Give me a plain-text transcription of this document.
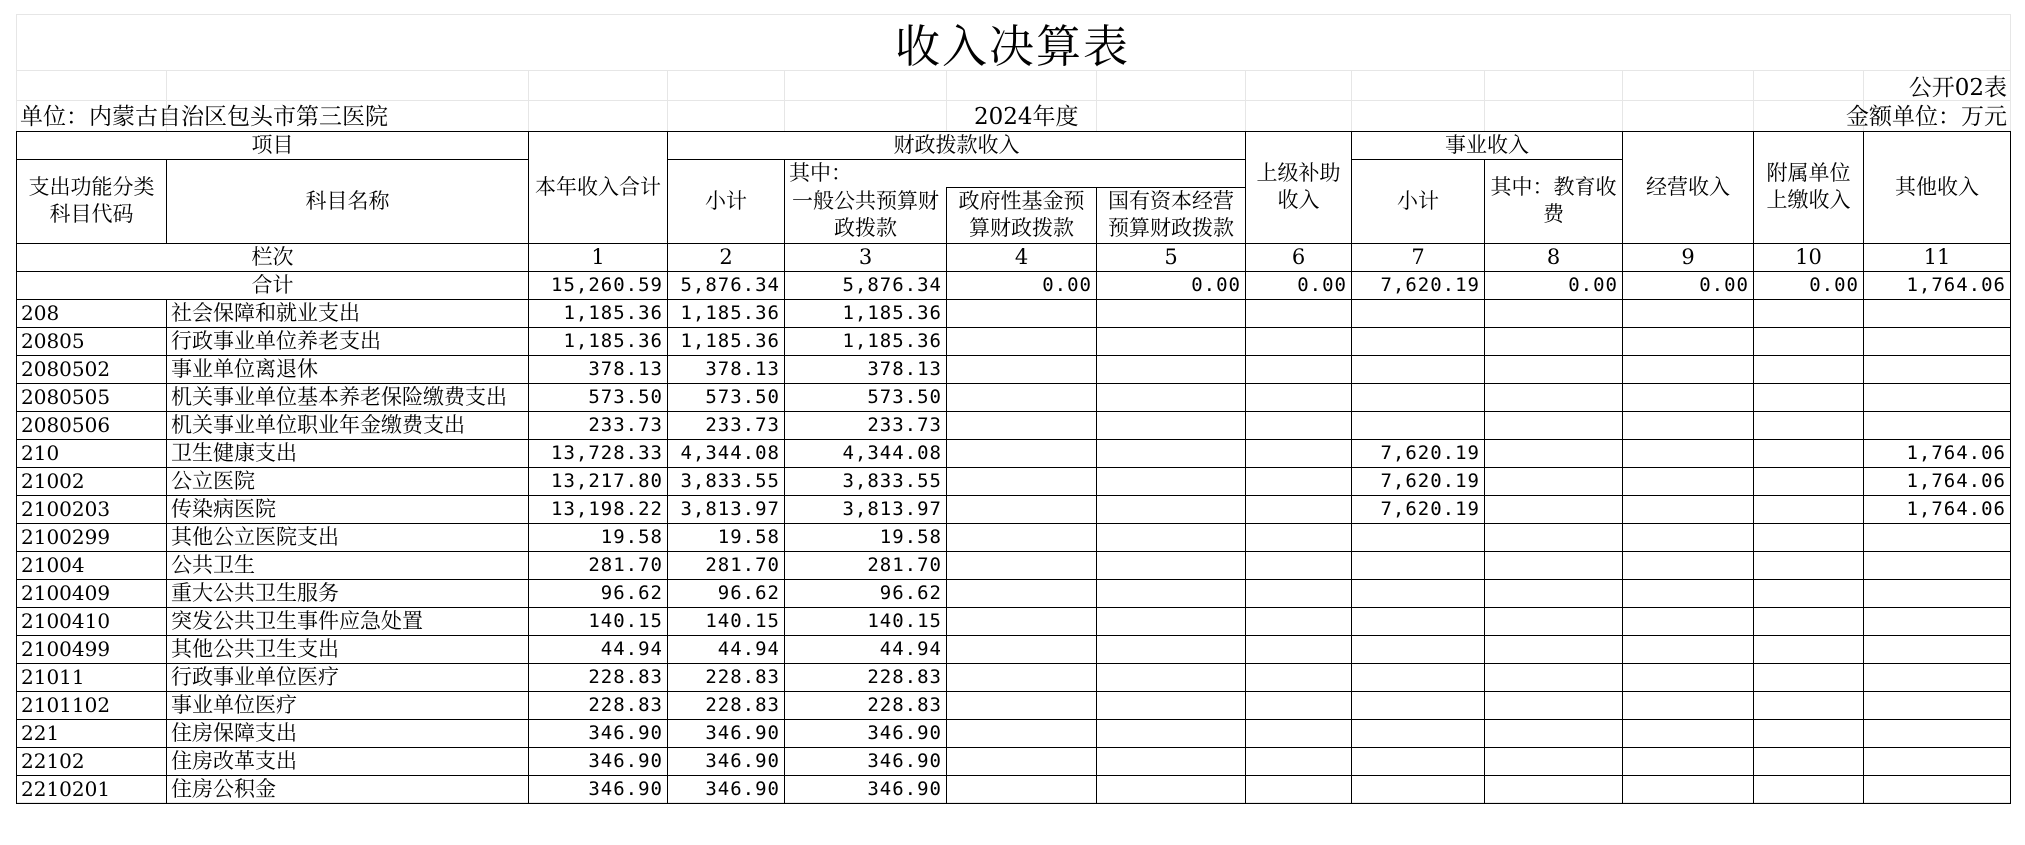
收入决算表
公开02表
单位：内蒙古自治区包头市第三医院	2024年度	金额单位：万元
项目		本年收入合计	财政拨款收入				上级补助收入	事业收入		经营收入	附属单位上缴收入	其他收入
支出功能分类科目代码	科目名称		小计	其中：				小计	其中：教育收费			
				一般公共预算财政拨款	政府性基金预算财政拨款	国有资本经营预算财政拨款						
栏次		1	2	3	4	5	6	7	8	9	10	11
合计		15,260.59	5,876.34	5,876.34	0.00	0.00	0.00	7,620.19	0.00	0.00	0.00	1,764.06
208	社会保障和就业支出	1,185.36	1,185.36	1,185.36								
20805	行政事业单位养老支出	1,185.36	1,185.36	1,185.36								
2080502	事业单位离退休	378.13	378.13	378.13								
2080505	机关事业单位基本养老保险缴费支出	573.50	573.50	573.50								
2080506	机关事业单位职业年金缴费支出	233.73	233.73	233.73								
210	卫生健康支出	13,728.33	4,344.08	4,344.08				7,620.19				1,764.06
21002	公立医院	13,217.80	3,833.55	3,833.55				7,620.19				1,764.06
2100203	传染病医院	13,198.22	3,813.97	3,813.97				7,620.19				1,764.06
2100299	其他公立医院支出	19.58	19.58	19.58								
21004	公共卫生	281.70	281.70	281.70								
2100409	重大公共卫生服务	96.62	96.62	96.62								
2100410	突发公共卫生事件应急处置	140.15	140.15	140.15								
2100499	其他公共卫生支出	44.94	44.94	44.94								
21011	行政事业单位医疗	228.83	228.83	228.83								
2101102	事业单位医疗	228.83	228.83	228.83								
221	住房保障支出	346.90	346.90	346.90								
22102	住房改革支出	346.90	346.90	346.90								
2210201	住房公积金	346.90	346.90	346.90								
